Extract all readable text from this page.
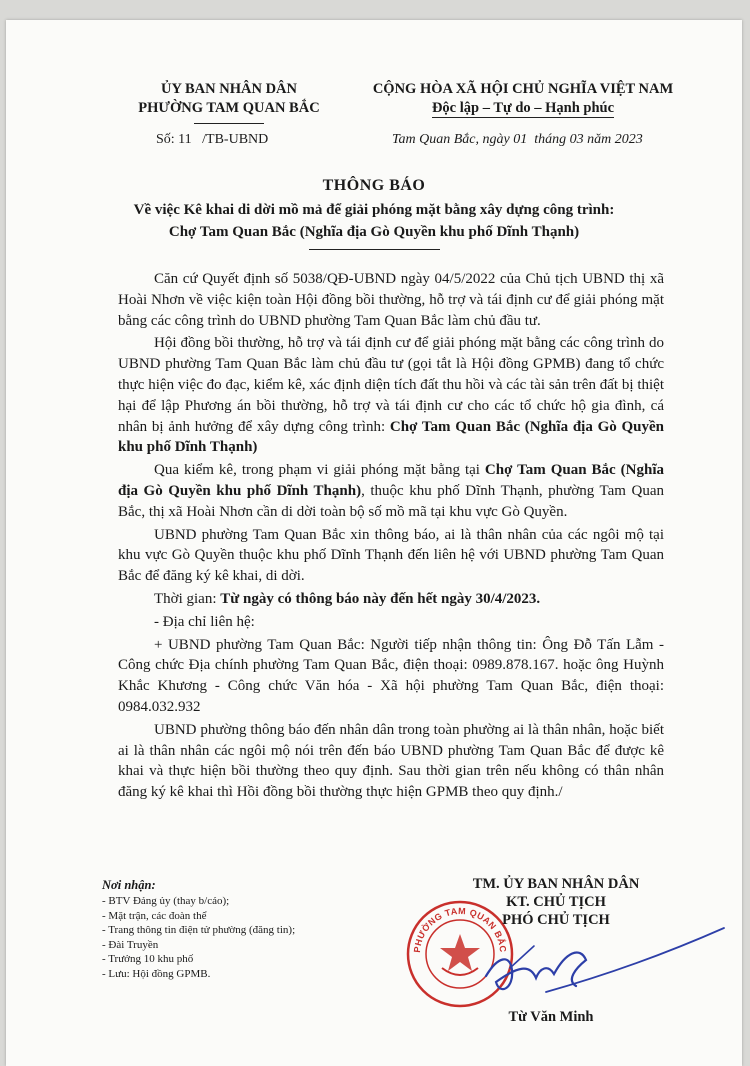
ỦY BAN NHÂN DÂN
PHƯỜNG TAM QUAN BẮC
CỘNG HÒA XÃ HỘI CHỦ NGHĨA VIỆT NAM
Độc lập – Tự do – Hạnh phúc
Số: 11   /TB-UBND	Tam Quan Bắc, ngày 01  tháng 03 năm 2023
THÔNG BÁO
Về việc Kê khai di dời mồ mả để giải phóng mặt bằng xây dựng công trình:
Chợ Tam Quan Bắc (Nghĩa địa Gò Quyền khu phố Dĩnh Thạnh)

Căn cứ Quyết định số 5038/QĐ-UBND ngày 04/5/2022 của Chủ tịch UBND thị xã Hoài Nhơn về việc kiện toàn Hội đồng bồi thường, hỗ trợ và tái định cư để giải phóng mặt bằng các công trình do UBND phường Tam Quan Bắc làm chủ đầu tư.

Hội đồng bồi thường, hỗ trợ và tái định cư để giải phóng mặt bằng các công trình do UBND phường Tam Quan Bắc làm chủ đầu tư (gọi tắt là Hội đồng GPMB) đang tổ chức thực hiện việc đo đạc, kiểm kê, xác định diện tích đất thu hồi và các tài sản trên đất bị thiệt hại để lập Phương án bồi thường, hỗ trợ và tái định cư cho các tổ chức hộ gia đình, cá nhân bị ảnh hưởng để xây dựng công trình: Chợ Tam Quan Bắc (Nghĩa địa Gò Quyền khu phố Dĩnh Thạnh)

Qua kiểm kê, trong phạm vi giải phóng mặt bằng tại Chợ Tam Quan Bắc (Nghĩa địa Gò Quyền khu phố Dĩnh Thạnh), thuộc khu phố Dĩnh Thạnh, phường Tam Quan Bắc, thị xã Hoài Nhơn cần di dời toàn bộ số mồ mã tại khu vực Gò Quyền.

UBND phường Tam Quan Bắc xin thông báo, ai là thân nhân của các ngôi mộ tại khu vực Gò Quyền thuộc khu phố Dĩnh Thạnh đến liên hệ với UBND phường Tam Quan Bắc để đăng ký kê khai, di dời.

Thời gian: Từ ngày có thông báo này đến hết ngày 30/4/2023.

- Địa chỉ liên hệ:

+ UBND phường Tam Quan Bắc: Người tiếp nhận thông tin: Ông Đỗ Tấn Lẫm - Công chức Địa chính phường Tam Quan Bắc, điện thoại: 0989.878.167. hoặc ông Huỳnh Khắc Khương - Công chức Văn hóa - Xã hội phường Tam Quan Bắc, điện thoại: 0984.032.932

UBND phường thông báo đến nhân dân trong toàn phường ai là thân nhân, hoặc biết ai là thân nhân các ngôi mộ nói trên đến báo UBND phường Tam Quan Bắc để được kê khai và thực hiện bồi thường theo quy định. Sau thời gian trên nếu không có thân nhân đăng ký kê khai thì Hồi đồng bồi thường thực hiện GPMB theo quy định./

Nơi nhận:
- BTV Đảng ủy (thay b/cáo);
- Mặt trận, các đoàn thể
- Trang thông tin điện tử phường (đăng tin);
- Đài Truyền
- Trưởng 10 khu phố
- Lưu: Hội đồng GPMB.
PHƯỜNG TAM QUAN BẮC
TM. ỦY BAN NHÂN DÂN
KT. CHỦ TỊCH
PHÓ CHỦ TỊCH
Từ Văn Minh
